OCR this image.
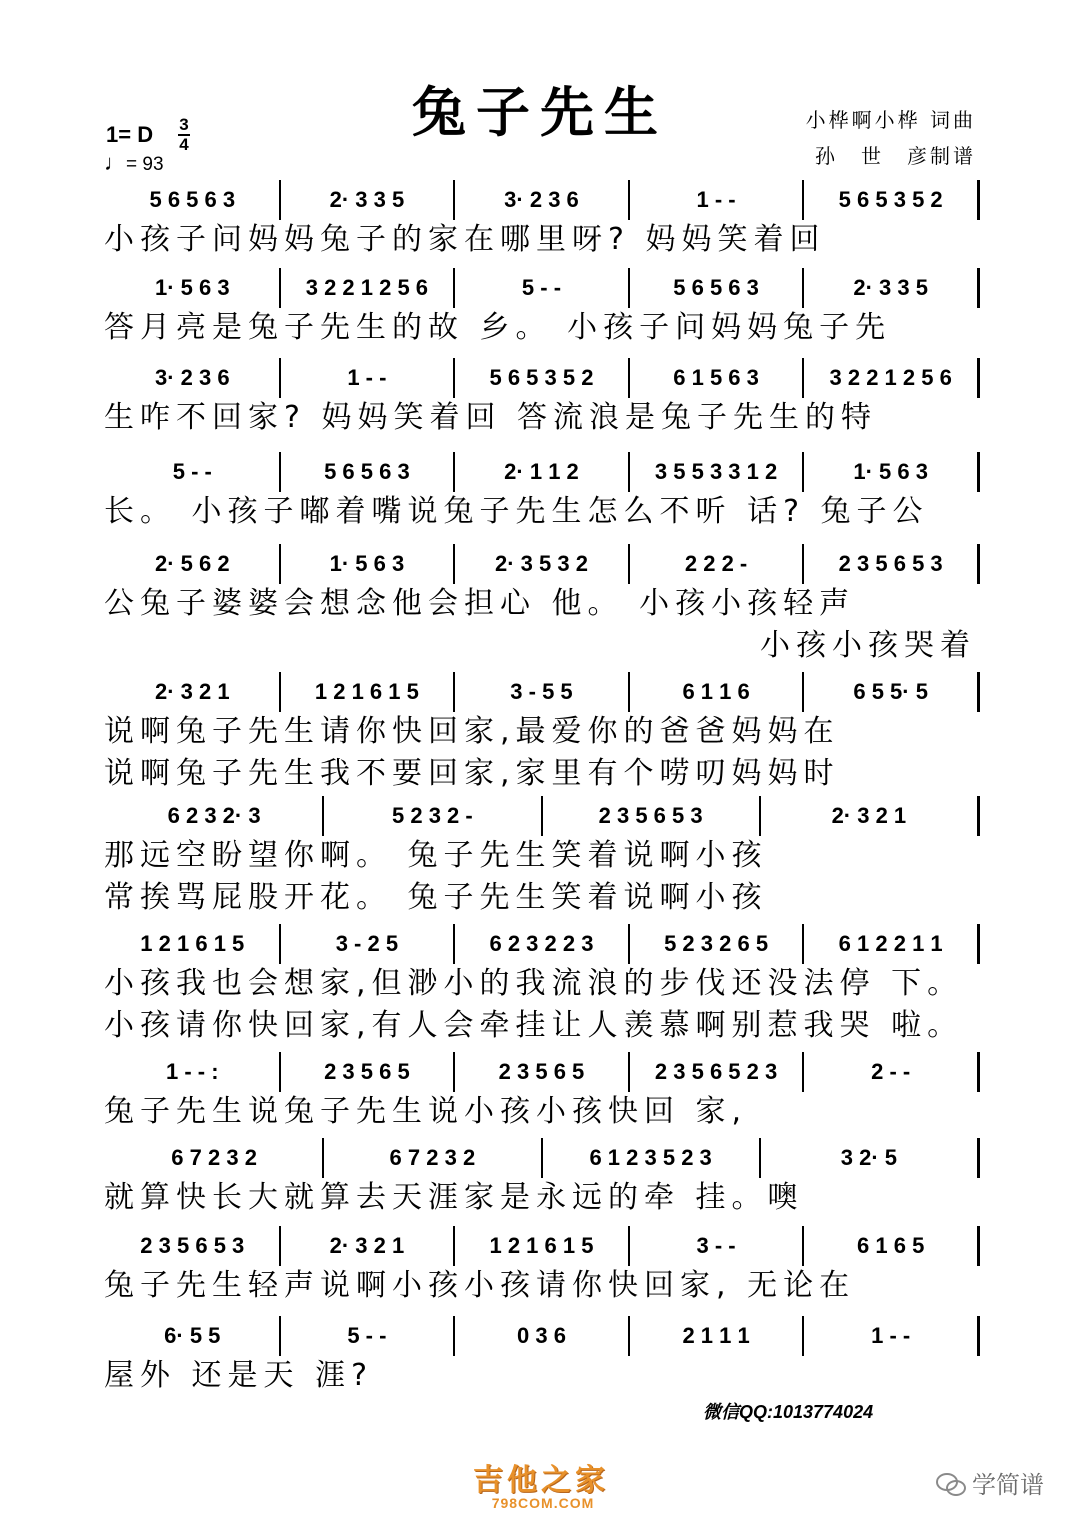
兔子先生	小桦啊小桦 词曲
孙　世　彦制谱
1= D 3
4
♩= 93
5 6 5 6 3	2· 3 3 5	3· 2 3 6	1 - -	5 6 5 3 5 2
小孩子问妈妈兔子的家在哪里呀? 妈妈笑着回
1· 5 6 3	3 2 2 1 2 5 6	5 - -	5 6 5 6 3	2· 3 3 5
答月亮是兔子先生的故 乡。 小孩子问妈妈兔子先
3· 2 3 6	1 - -	5 6 5 3 5 2	6 1 5 6 3	3 2 2 1 2 5 6
生咋不回家? 妈妈笑着回 答流浪是兔子先生的特
5 - -	5 6 5 6 3	2· 1 1 2	3 5 5 3 3 1 2	1· 5 6 3
长。 小孩子嘟着嘴说兔子先生怎么不听 话? 兔子公
2· 5 6 2	1· 5 6 3	2· 3 5 3 2	2 2 2 -	2 3 5 6 5 3
公兔子婆婆会想念他会担心 他。 小孩小孩轻声
小孩小孩哭着
2· 3 2 1	1 2 1 6 1 5	3 - 5 5	6 1 1 6	6 5 5· 5
说啊兔子先生请你快回家,最爱你的爸爸妈妈在
说啊兔子先生我不要回家,家里有个唠叨妈妈时
6 2 3 2· 3	5 2 3 2 -	2 3 5 6 5 3	2· 3 2 1
那远空盼望你啊。 兔子先生笑着说啊小孩
常挨骂屁股开花。 兔子先生笑着说啊小孩
1 2 1 6 1 5	3 - 2 5	6 2 3 2 2 3	5 2 3 2 6 5	6 1 2 2 1 1
小孩我也会想家,但渺小的我流浪的步伐还没法停 下。
小孩请你快回家,有人会牵挂让人羡慕啊别惹我哭 啦。
1 - - :	2 3 5 6 5	2 3 5 6 5	2 3 5 6 5 2 3	2 - -
兔子先生说兔子先生说小孩小孩快回 家,
6 7 2 3 2	6 7 2 3 2	6 1 2 3 5 2 3	3 2· 5
就算快长大就算去天涯家是永远的牵 挂。噢
2 3 5 6 5 3	2· 3 2 1	1 2 1 6 1 5	3 - -	6 1 6 5
兔子先生轻声说啊小孩小孩请你快回家, 无论在
6· 5 5	5 - -	0 3 6	2 1 1 1	1 - -
屋外 还是天 涯?
微信QQ:1013774024
吉他之家
798COM.COM
学简谱
